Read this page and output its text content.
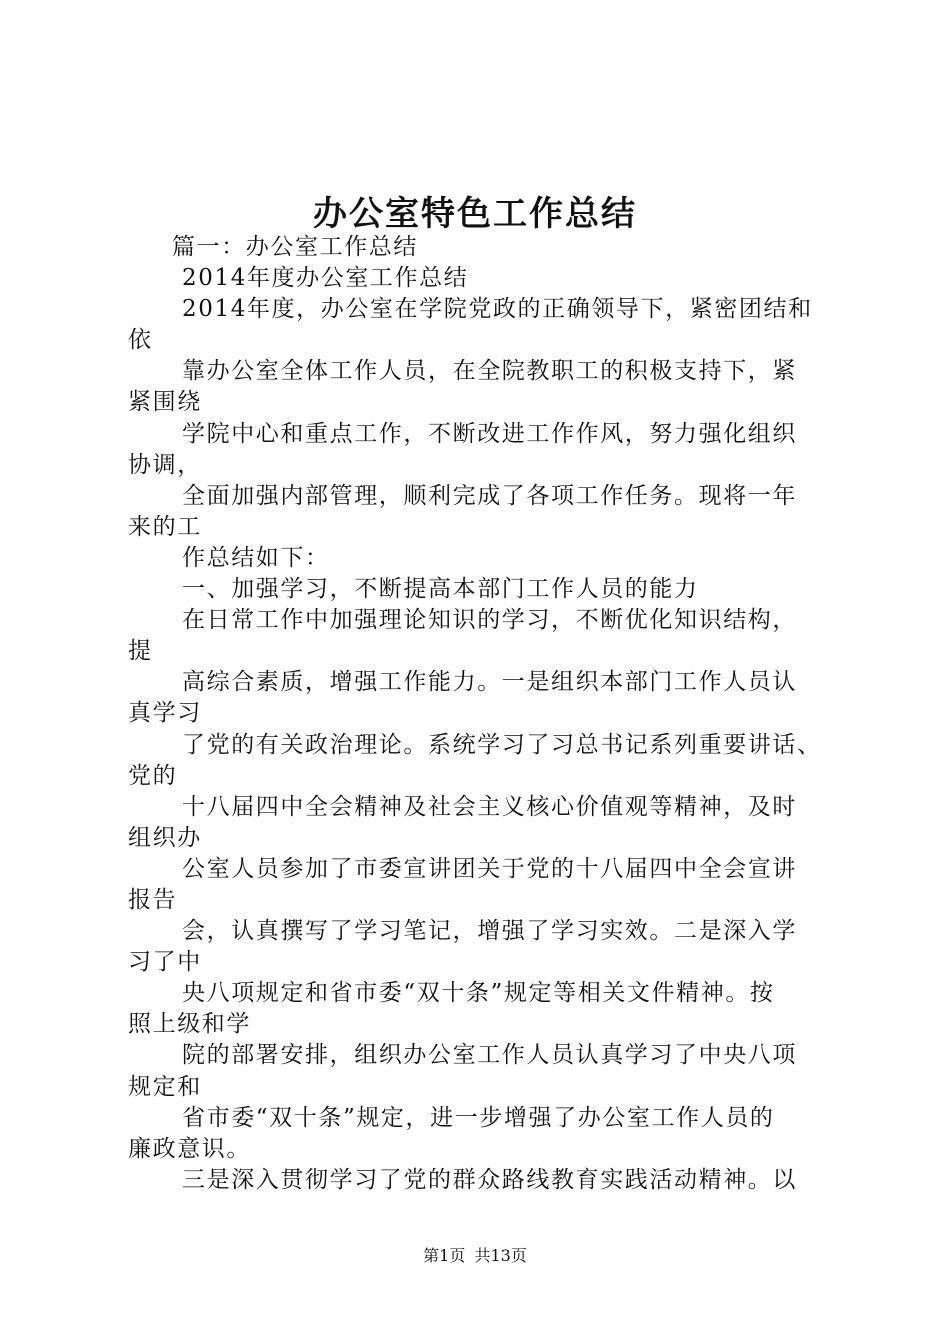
办公室特色工作总结
篇一：办公室工作总结
2014年度办公室工作总结
2014年度，办公室在学院党政的正确领导下，紧密团结和
依
靠办公室全体工作人员，在全院教职工的积极支持下，紧
紧围绕
学院中心和重点工作，不断改进工作作风，努力强化组织
协调，
全面加强内部管理，顺利完成了各项工作任务。现将一年
来的工
作总结如下：
一、加强学习，不断提高本部门工作人员的能力
在日常工作中加强理论知识的学习，不断优化知识结构，
提
高综合素质，增强工作能力。一是组织本部门工作人员认
真学习
了党的有关政治理论。系统学习了习总书记系列重要讲话、
党的
十八届四中全会精神及社会主义核心价值观等精神，及时
组织办
公室人员参加了市委宣讲团关于党的十八届四中全会宣讲
报告
会，认真撰写了学习笔记，增强了学习实效。二是深入学
习了中
央八项规定和省市委“双十条”规定等相关文件精神。按
照上级和学
院的部署安排，组织办公室工作人员认真学习了中央八项
规定和
省市委“双十条”规定，进一步增强了办公室工作人员的
廉政意识。
三是深入贯彻学习了党的群众路线教育实践活动精神。以
第1页 共13页
